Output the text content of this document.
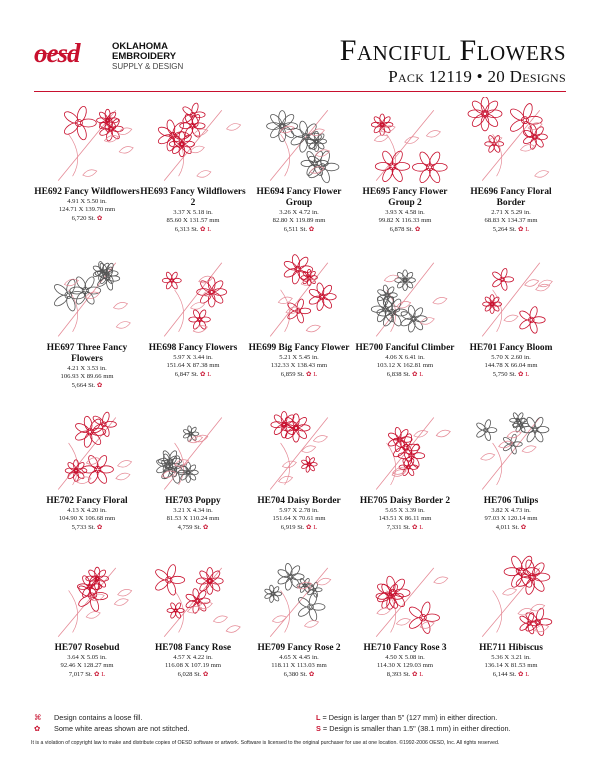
oesd	OKLAHOMA
EMBROIDERY
SUPPLY & DESIGN	Fanciful Flowers
Pack 12119 • 20 Designs
HE692 Fancy Wildflowers
4.91 X 5.50 in.
124.71 X 139.70 mm
6,720 St. ✿
HE693 Fancy Wildflowers 2
3.37 X 5.18 in.
85.60 X 131.57 mm
6,313 St. ✿ L
HE694 Fancy Flower Group
3.26 X 4.72 in.
82.80 X 119.89 mm
6,511 St. ✿
HE695 Fancy Flower Group 2
3.93 X 4.58 in.
99.82 X 116.33 mm
6,878 St. ✿
HE696 Fancy Floral Border
2.71 X 5.29 in.
68.83 X 134.37 mm
5,264 St. ✿ L
HE697 Three Fancy Flowers
4.21 X 3.53 in.
106.93 X 89.66 mm
5,664 St. ✿
HE698 Fancy Flowers
5.97 X 3.44 in.
151.64 X 87.38 mm
6,847 St. ✿ L
HE699 Big Fancy Flower
5.21 X 5.45 in.
132.33 X 138.43 mm
6,859 St. ✿ L
HE700 Fanciful Climber
4.06 X 6.41 in.
103.12 X 162.81 mm
6,838 St. ✿ L
HE701 Fancy Bloom
5.70 X 2.60 in.
144.78 X 66.04 mm
5,750 St. ✿ L
HE702 Fancy Floral
4.13 X 4.20 in.
104.90 X 106.68 mm
5,733 St. ✿
HE703 Poppy
3.21 X 4.34 in.
81.53 X 110.24 mm
4,759 St. ✿
HE704 Daisy Border
5.97 X 2.78 in.
151.64 X 70.61 mm
6,919 St. ✿ L
HE705 Daisy Border 2
5.65 X 3.39 in.
143.51 X 86.11 mm
7,331 St. ✿ L
HE706 Tulips
3.82 X 4.73 in.
97.03 X 120.14 mm
4,011 St. ✿
HE707 Rosebud
3.64 X 5.05 in.
92.46 X 128.27 mm
7,017 St. ✿ L
HE708 Fancy Rose
4.57 X 4.22 in.
116.08 X 107.19 mm
6,028 St. ✿
HE709 Fancy Rose 2
4.65 X 4.45 in.
118.11 X 113.03 mm
6,380 St. ✿
HE710 Fancy Rose 3
4.50 X 5.08 in.
114.30 X 129.03 mm
8,393 St. ✿ L
HE711 Hibiscus
5.36 X 3.21 in.
136.14 X 81.53 mm
6,144 St. ✿ L
⌘ Design contains a loose fill.
✿ Some white areas shown are not stitched.
L = Design is larger than 5" (127 mm) in either direction.
S = Design is smaller than 1.5" (38.1 mm) in either direction.
It is a violation of copyright law to make and distribute copies of OESD software or artwork. Software is licensed to the original purchaser for use at one location. ©1992-2006 OESD, Inc. All rights reserved.
